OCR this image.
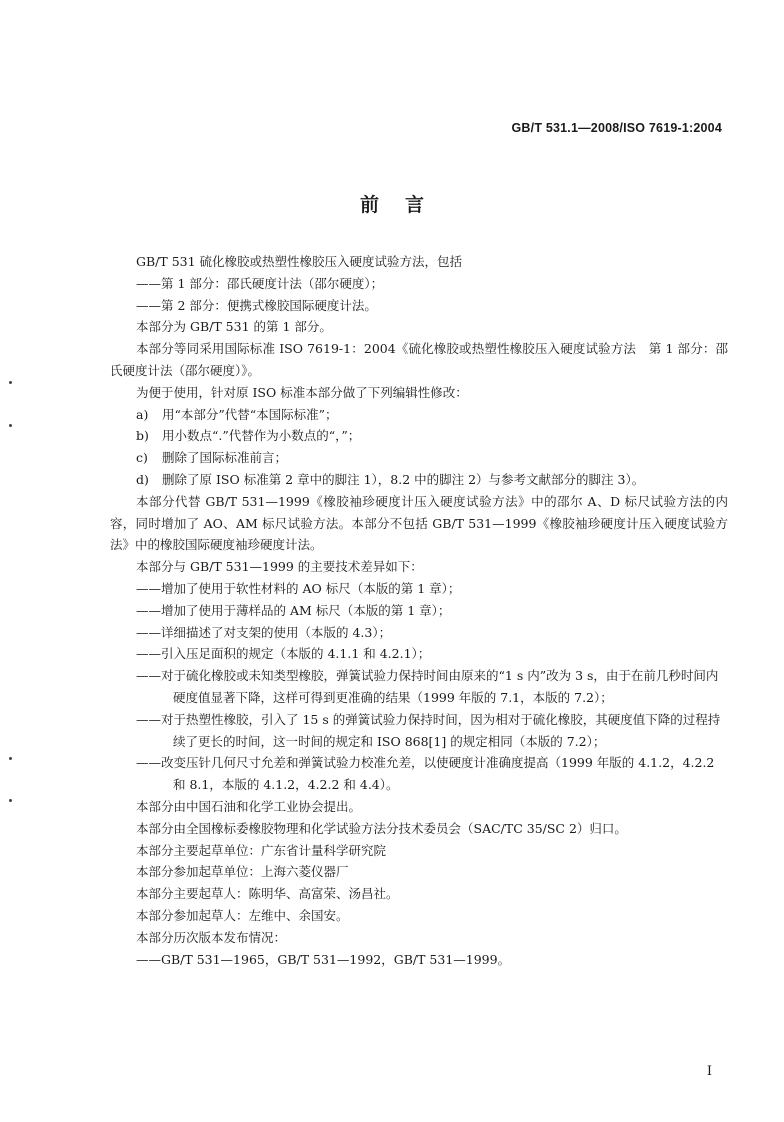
GB/T 531.1—2008/ISO 7619-1:2004
前言

GB/T 531 硫化橡胶或热塑性橡胶压入硬度试验方法，包括

——第 1 部分：邵氏硬度计法（邵尔硬度）；

——第 2 部分：便携式橡胶国际硬度计法。

本部分为 GB/T 531 的第 1 部分。

本部分等同采用国际标准 ISO 7619-1：2004《硫化橡胶或热塑性橡胶压入硬度试验方法　第 1 部分：邵氏硬度计法（邵尔硬度）》。

为便于使用，针对原 ISO 标准本部分做了下列编辑性修改：

a) 用“本部分”代替“本国际标准”；

b) 用小数点“.”代替作为小数点的“，”；

c) 删除了国际标准前言；

d) 删除了原 ISO 标准第 2 章中的脚注 1），8.2 中的脚注 2）与参考文献部分的脚注 3）。

本部分代替 GB/T 531—1999《橡胶袖珍硬度计压入硬度试验方法》中的邵尔 A、D 标尺试验方法的内容，同时增加了 AO、AM 标尺试验方法。本部分不包括 GB/T 531—1999《橡胶袖珍硬度计压入硬度试验方法》中的橡胶国际硬度袖珍硬度计法。

本部分与 GB/T 531—1999 的主要技术差异如下：

——增加了使用于软性材料的 AO 标尺（本版的第 1 章）；

——增加了使用于薄样品的 AM 标尺（本版的第 1 章）；

——详细描述了对支架的使用（本版的 4.3）；

——引入压足面积的规定（本版的 4.1.1 和 4.2.1）；

——对于硫化橡胶或未知类型橡胶，弹簧试验力保持时间由原来的“1 s 内”改为 3 s，由于在前几秒时间内硬度值显著下降，这样可得到更准确的结果（1999 年版的 7.1，本版的 7.2）；

——对于热塑性橡胶，引入了 15 s 的弹簧试验力保持时间，因为相对于硫化橡胶，其硬度值下降的过程持续了更长的时间，这一时间的规定和 ISO 868[1] 的规定相同（本版的 7.2）；

——改变压针几何尺寸允差和弹簧试验力校准允差，以使硬度计准确度提高（1999 年版的 4.1.2，4.2.2 和 8.1，本版的 4.1.2，4.2.2 和 4.4）。

本部分由中国石油和化学工业协会提出。

本部分由全国橡标委橡胶物理和化学试验方法分技术委员会（SAC/TC 35/SC 2）归口。

本部分主要起草单位：广东省计量科学研究院

本部分参加起草单位：上海六菱仪器厂

本部分主要起草人：陈明华、高富荣、汤昌社。

本部分参加起草人：左维中、余国安。

本部分历次版本发布情况：

——GB/T 531—1965，GB/T 531—1992，GB/T 531—1999。

I
